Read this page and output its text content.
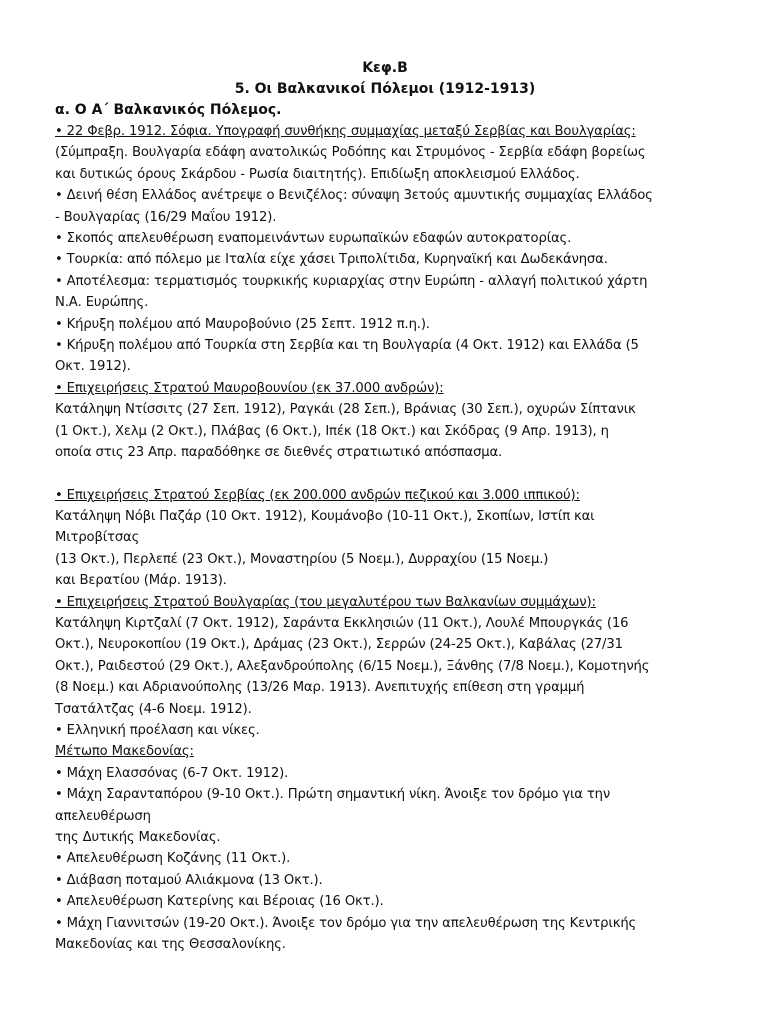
Κεφ.Β
5. Οι Βαλκανικοί Πόλεμοι (1912-1913)
α. Ο Α΄ Βαλκανικός Πόλεμος.
• 22 Φεβρ. 1912. Σόφια. Υπογραφή συνθήκης συμμαχίας μεταξύ Σερβίας και Βουλγαρίας:
(Σύμπραξη. Βουλγαρία εδάφη ανατολικώς Ροδόπης και Στρυμόνος - Σερβία εδάφη βορείως
και δυτικώς όρους Σκάρδου - Ρωσία διαιτητής). Επιδίωξη αποκλεισμού Ελλάδος.
• Δεινή θέση Ελλάδος ανέτρεψε ο Βενιζέλος: σύναψη 3ετούς αμυντικής συμμαχίας Ελλάδος
- Βουλγαρίας (16/29 Μαΐου 1912).
• Σκοπός απελευθέρωση εναπομεινάντων ευρωπαϊκών εδαφών αυτοκρατορίας.
• Τουρκία: από πόλεμο με Ιταλία είχε χάσει Τριπολίτιδα, Κυρηναϊκή και Δωδεκάνησα.
• Αποτέλεσμα: τερματισμός τουρκικής κυριαρχίας στην Ευρώπη - αλλαγή πολιτικού χάρτη
Ν.Α. Ευρώπης.
• Κήρυξη πολέμου από Μαυροβούνιο (25 Σεπτ. 1912 π.η.).
• Κήρυξη πολέμου από Τουρκία στη Σερβία και τη Βουλγαρία (4 Οκτ. 1912) και Ελλάδα (5
Οκτ. 1912).
• Επιχειρήσεις Στρατού Μαυροβουνίου (εκ 37.000 ανδρών):
Κατάληψη Ντίσσιτς (27 Σεπ. 1912), Ραγκάι (28 Σεπ.), Βράνιας (30 Σεπ.), οχυρών Σίπτανικ
(1 Οκτ.), Χελμ (2 Οκτ.), Πλάβας (6 Οκτ.), Ιπέκ (18 Οκτ.) και Σκόδρας (9 Απρ. 1913), η
οποία στις 23 Απρ. παραδόθηκε σε διεθνές στρατιωτικό απόσπασμα.
• Επιχειρήσεις Στρατού Σερβίας (εκ 200.000 ανδρών πεζικού και 3.000 ιππικού):
Κατάληψη Νόβι Παζάρ (10 Οκτ. 1912), Κουμάνοβο (10-11 Οκτ.), Σκοπίων, Ιστίπ και
Μιτροβίτσας
(13 Οκτ.), Περλεπέ (23 Οκτ.), Μοναστηρίου (5 Νοεμ.), Δυρραχίου (15 Νοεμ.)
και Βερατίου (Μάρ. 1913).
• Επιχειρήσεις Στρατού Βουλγαρίας (του μεγαλυτέρου των Βαλκανίων συμμάχων):
Κατάληψη Κιρτζαλί (7 Οκτ. 1912), Σαράντα Εκκλησιών (11 Οκτ.), Λουλέ Μπουργκάς (16
Οκτ.), Νευροκοπίου (19 Οκτ.), Δράμας (23 Οκτ.), Σερρών (24-25 Οκτ.), Καβάλας (27/31
Οκτ.), Ραιδεστού (29 Οκτ.), Αλεξανδρούπολης (6/15 Νοεμ.), Ξάνθης (7/8 Νοεμ.), Κομοτηνής
(8 Νοεμ.) και Αδριανούπολης (13/26 Μαρ. 1913). Ανεπιτυχής επίθεση στη γραμμή
Τσατάλτζας (4-6 Νοεμ. 1912).
• Ελληνική προέλαση και νίκες.
Μέτωπο Μακεδονίας:
• Μάχη Ελασσόνας (6-7 Οκτ. 1912).
• Μάχη Σαρανταπόρου (9-10 Οκτ.). Πρώτη σημαντική νίκη. Άνοιξε τον δρόμο για την
απελευθέρωση
της Δυτικής Μακεδονίας.
• Απελευθέρωση Κοζάνης (11 Οκτ.).
• Διάβαση ποταμού Αλιάκμονα (13 Οκτ.).
• Απελευθέρωση Κατερίνης και Βέροιας (16 Οκτ.).
• Μάχη Γιαννιτσών (19-20 Οκτ.). Άνοιξε τον δρόμο για την απελευθέρωση της Κεντρικής
Μακεδονίας και της Θεσσαλονίκης.
